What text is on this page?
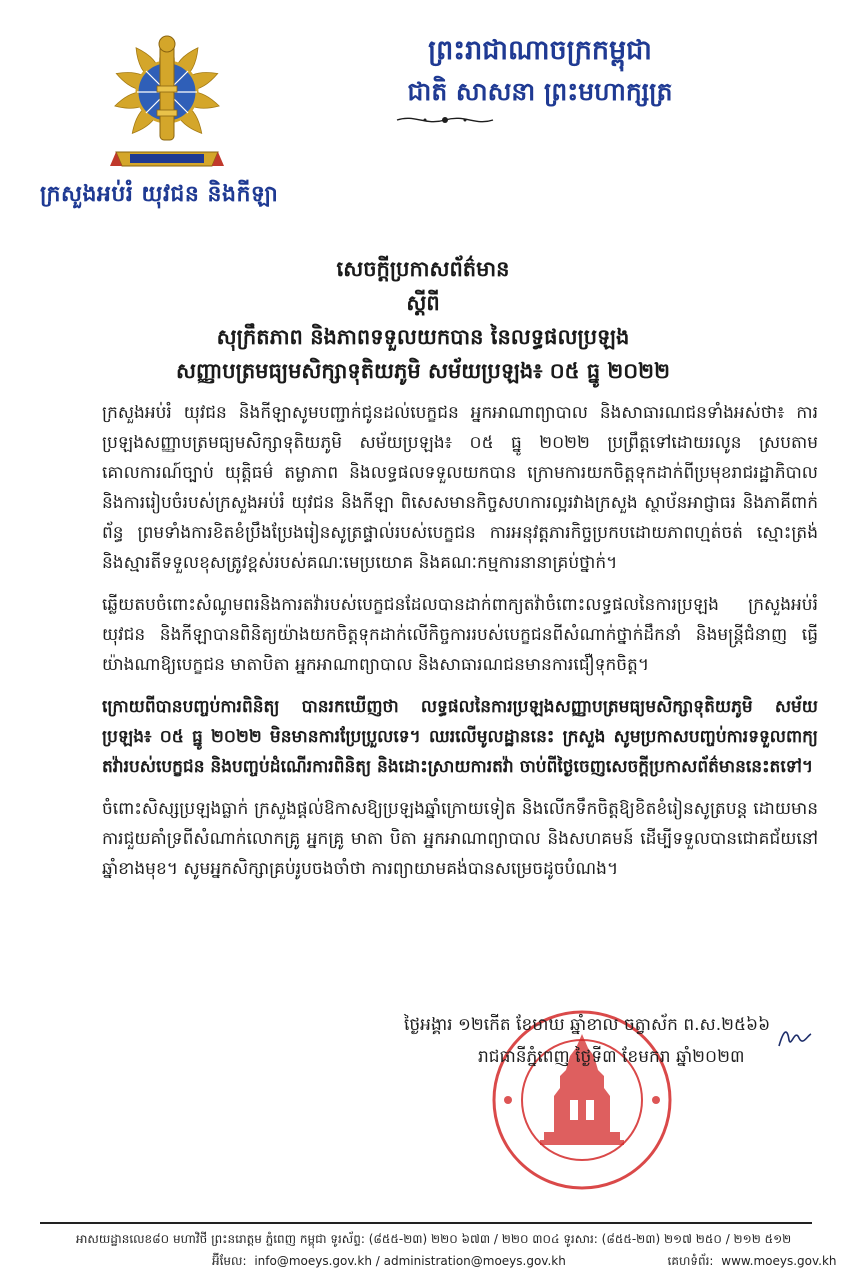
ក្រសួងអប់រំ យុវជន និងកីឡា
ព្រះរាជាណាចក្រកម្ពុជា
ជាតិ សាសនា ព្រះមហាក្សត្រ
សេចក្តីប្រកាសព័ត៌មាន
ស្តីពី
សុក្រឹតភាព និងភាពទទួលយកបាន នៃលទ្ធផលប្រឡង
សញ្ញាបត្រមធ្យមសិក្សាទុតិយភូមិ សម័យប្រឡង៖ ០៥ ធ្នូ ២០២២

ក្រសួងអប់រំ យុវជន និងកីឡាសូមបញ្ជាក់ជូនដល់បេក្ខជន អ្នកអាណាព្យាបាល និងសាធារណជនទាំងអស់ថា៖ ការប្រឡងសញ្ញាបត្រមធ្យមសិក្សាទុតិយភូមិ សម័យប្រឡង៖ ០៥ ធ្នូ ២០២២ ប្រព្រឹត្តទៅដោយរលូន ស្របតាមគោលការណ៍ច្បាប់ យុត្តិធម៌ តម្លាភាព និងលទ្ធផលទទួលយកបាន ក្រោមការយកចិត្តទុកដាក់ពីប្រមុខរាជរដ្ឋាភិបាល និងការរៀបចំរបស់ក្រសួងអប់រំ យុវជន និងកីឡា ពិសេសមានកិច្ចសហការល្អរវាងក្រសួង ស្ថាប័នអាជ្ញាធរ និងភាគីពាក់ព័ន្ធ ព្រមទាំងការខិតខំប្រឹងប្រែងរៀនសូត្រផ្ទាល់របស់បេក្ខជន ការអនុវត្តភារកិច្ចប្រកបដោយភាពហ្មត់ចត់ ស្មោះត្រង់ និងស្មារតីទទួលខុសត្រូវខ្ពស់របស់គណៈមេប្រយោគ និងគណៈកម្មការនានាគ្រប់ថ្នាក់។

ឆ្លើយតបចំពោះសំណូមពរនិងការតវ៉ារបស់បេក្ខជនដែលបានដាក់ពាក្យតវ៉ាចំពោះលទ្ធផលនៃការប្រឡង ក្រសួងអប់រំ យុវជន និងកីឡាបានពិនិត្យយ៉ាងយកចិត្តទុកដាក់លើកិច្ចការរបស់បេក្ខជនពីសំណាក់ថ្នាក់ដឹកនាំ និងមន្ត្រីជំនាញ ធ្វើយ៉ាងណាឱ្យបេក្ខជន មាតាបិតា អ្នកអាណាព្យាបាល និងសាធារណជនមានការជឿទុកចិត្ត។

ក្រោយពីបានបញ្ចប់ការពិនិត្យ បានរកឃើញថា លទ្ធផលនៃការប្រឡងសញ្ញាបត្រមធ្យមសិក្សាទុតិយភូមិ សម័យប្រឡង៖ ០៥ ធ្នូ ២០២២ មិនមានការប្រែប្រួលទេ។ ឈរលើមូលដ្ឋាននេះ ក្រសួង សូមប្រកាសបញ្ចប់ការទទួលពាក្យតវ៉ារបស់បេក្ខជន និងបញ្ចប់ដំណើរការពិនិត្យ និងដោះស្រាយការតវ៉ា ចាប់ពីថ្ងៃចេញសេចក្តីប្រកាសព័ត៌មាននេះតទៅ។

ចំពោះសិស្សប្រឡងធ្លាក់ ក្រសួងផ្តល់ឱកាសឱ្យប្រឡងឆ្នាំក្រោយទៀត និងលើកទឹកចិត្តឱ្យខិតខំរៀនសូត្របន្ត ដោយមានការជួយគាំទ្រពីសំណាក់លោកគ្រូ អ្នកគ្រូ មាតា បិតា អ្នកអាណាព្យាបាល និងសហគមន៍ ដើម្បីទទួលបានជោគជ័យនៅឆ្នាំខាងមុខ។ សូមអ្នកសិក្សាគ្រប់រូបចងចាំថា ការព្យាយាមគង់បានសម្រេចដូចបំណង។

ថ្ងៃអង្គារ ១២កើត ខែមាឃ ឆ្នាំខាល ចត្វាស័ក ព.ស.២៥៦៦
រាជធានីភ្នំពេញ ថ្ងៃទី៣ ខែមករា ឆ្នាំ២០២៣
អាសយដ្ឋានលេខ៨០ មហាវិថី ព្រះនរោត្តម ភ្នំពេញ កម្ពុជា ទូរស័ព្ទ: (៨៥៥-២៣) ២២០ ៦៧៣ / ២២០ ៣០៤ ទូរសារ: (៨៥៥-២៣) ២១៧ ២៥០ / ២១២ ៥១២
អ៊ីមែល: info@moeys.gov.kh / administration@moeys.gov.kh	គេហទំព័រ: www.moeys.gov.kh
